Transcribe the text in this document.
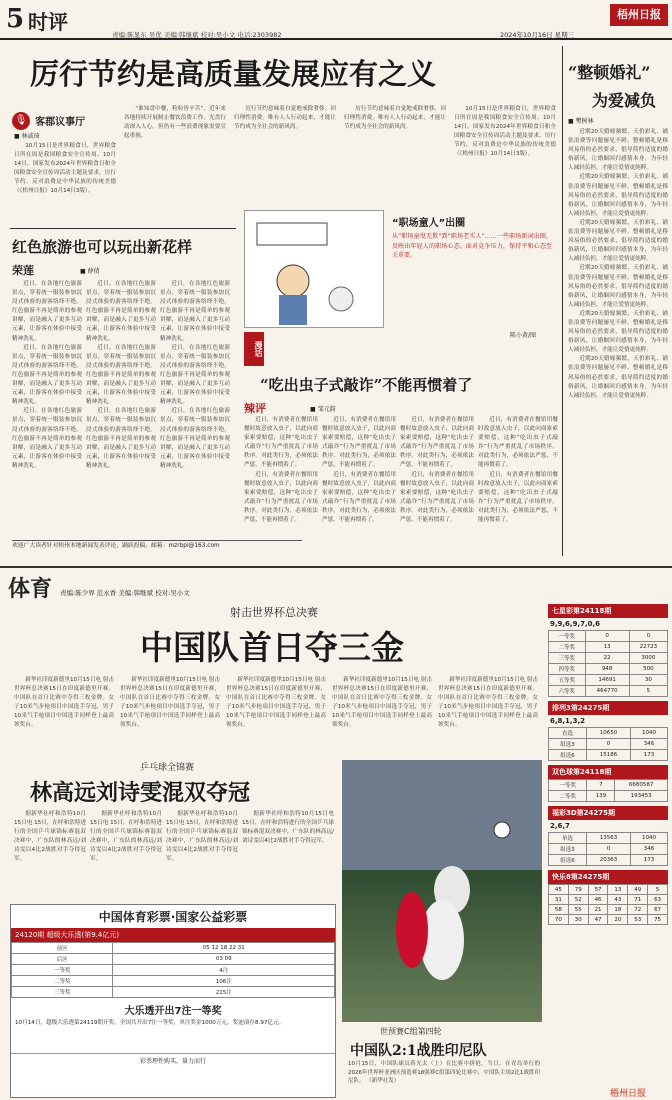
5 时评
责编:陈显东 吴优 美编:韩继斌 校对:吴小文 电话:2303982	2024年10月16日 星期三
梧州日报
厉行节约是高质量发展应有之义
🎙 客郡议事厅
■ 林戚琦

10月15日是世界粮食日，世界粮食日所在周是我国粮食安全宣传周。10月14日，国家发布2024年世界粮食日和全国粮食安全宣传周活动主题及要求。厉行节约、反对浪费是中华民族的传统美德（《梧州日报》10月14日3版）。

“谁知盘中餐，粒粒皆辛苦”。近年来各地持续开展制止餐饮浪费工作，光盘行动深入人心。但仍有一些浪费现象需要引起重视。

厉行节约意味着自觉地戒除奢侈，回归理性消费。唯有人人行动起来，才能让节约成为全社会的新风尚。

厉行节约意味着自觉地戒除奢侈，回归理性消费。唯有人人行动起来，才能让节约成为全社会的新风尚。

10月15日是世界粮食日，世界粮食日所在周是我国粮食安全宣传周。10月14日，国家发布2024年世界粮食日和全国粮食安全宣传周活动主题及要求。厉行节约、反对浪费是中华民族的传统美德（《梧州日报》10月14日3版）。

“整顿婚礼”
为爱减负
■ 樊树林

近期20天婚嫁频繁，天价彩礼、铺张浪费等问题屡见不鲜。整顿婚礼是移风易俗的必然要求，倡导简约适度的婚俗新风，让婚姻回归感情本身，为年轻人减轻负担，才能让爱情更纯粹。

近期20天婚嫁频繁，天价彩礼、铺张浪费等问题屡见不鲜。整顿婚礼是移风易俗的必然要求，倡导简约适度的婚俗新风，让婚姻回归感情本身，为年轻人减轻负担，才能让爱情更纯粹。

近期20天婚嫁频繁，天价彩礼、铺张浪费等问题屡见不鲜。整顿婚礼是移风易俗的必然要求，倡导简约适度的婚俗新风，让婚姻回归感情本身，为年轻人减轻负担，才能让爱情更纯粹。

近期20天婚嫁频繁，天价彩礼、铺张浪费等问题屡见不鲜。整顿婚礼是移风易俗的必然要求，倡导简约适度的婚俗新风，让婚姻回归感情本身，为年轻人减轻负担，才能让爱情更纯粹。

近期20天婚嫁频繁，天价彩礼、铺张浪费等问题屡见不鲜。整顿婚礼是移风易俗的必然要求，倡导简约适度的婚俗新风，让婚姻回归感情本身，为年轻人减轻负担，才能让爱情更纯粹。

近期20天婚嫁频繁，天价彩礼、铺张浪费等问题屡见不鲜。整顿婚礼是移风易俗的必然要求，倡导简约适度的婚俗新风，让婚姻回归感情本身，为年轻人减轻负担，才能让爱情更纯粹。

红色旅游也可以玩出新花样
荣莲	■ 薛倩

近日，在各地红色旅游景点，穿着统一服装参加沉浸式体验的游客络绎不绝。红色旅游不再是简单的参观讲解，而是融入了更多互动元素，让游客在体验中接受精神洗礼。

近日，在各地红色旅游景点，穿着统一服装参加沉浸式体验的游客络绎不绝。红色旅游不再是简单的参观讲解，而是融入了更多互动元素，让游客在体验中接受精神洗礼。

近日，在各地红色旅游景点，穿着统一服装参加沉浸式体验的游客络绎不绝。红色旅游不再是简单的参观讲解，而是融入了更多互动元素，让游客在体验中接受精神洗礼。

近日，在各地红色旅游景点，穿着统一服装参加沉浸式体验的游客络绎不绝。红色旅游不再是简单的参观讲解，而是融入了更多互动元素，让游客在体验中接受精神洗礼。

近日，在各地红色旅游景点，穿着统一服装参加沉浸式体验的游客络绎不绝。红色旅游不再是简单的参观讲解，而是融入了更多互动元素，让游客在体验中接受精神洗礼。

近日，在各地红色旅游景点，穿着统一服装参加沉浸式体验的游客络绎不绝。红色旅游不再是简单的参观讲解，而是融入了更多互动元素，让游客在体验中接受精神洗礼。

近日，在各地红色旅游景点，穿着统一服装参加沉浸式体验的游客络绎不绝。红色旅游不再是简单的参观讲解，而是融入了更多互动元素，让游客在体验中接受精神洗礼。

近日，在各地红色旅游景点，穿着统一服装参加沉浸式体验的游客络绎不绝。红色旅游不再是简单的参观讲解，而是融入了更多互动元素，让游客在体验中接受精神洗礼。

近日，在各地红色旅游景点，穿着统一服装参加沉浸式体验的游客络绎不绝。红色旅游不再是简单的参观讲解，而是融入了更多互动元素，让游客在体验中接受精神洗礼。

欢迎广大读者针对梧州本地新闻发表评论，踊跃投稿。邮箱：mzrbpl@163.com
漫话
“职场童人”出圈
从“职场童叟无欺”到“职场老实人”……一些职场新词出圈，反映出年轻人的职场心态。面对竞争压力，保持平和心态至关重要。
陈小黄/图
“吃出虫子式敲诈”不能再惯着了
辣评	■ 邹元韵

近日，有消费者在餐馆用餐时故意放入虫子，以此向商家索要赔偿，这种“吃出虫子式敲诈”行为严重扰乱了市场秩序。对此类行为，必须依法严惩，不能再惯着了。

近日，有消费者在餐馆用餐时故意放入虫子，以此向商家索要赔偿，这种“吃出虫子式敲诈”行为严重扰乱了市场秩序。对此类行为，必须依法严惩，不能再惯着了。

近日，有消费者在餐馆用餐时故意放入虫子，以此向商家索要赔偿，这种“吃出虫子式敲诈”行为严重扰乱了市场秩序。对此类行为，必须依法严惩，不能再惯着了。

近日，有消费者在餐馆用餐时故意放入虫子，以此向商家索要赔偿，这种“吃出虫子式敲诈”行为严重扰乱了市场秩序。对此类行为，必须依法严惩，不能再惯着了。

近日，有消费者在餐馆用餐时故意放入虫子，以此向商家索要赔偿，这种“吃出虫子式敲诈”行为严重扰乱了市场秩序。对此类行为，必须依法严惩，不能再惯着了。

近日，有消费者在餐馆用餐时故意放入虫子，以此向商家索要赔偿，这种“吃出虫子式敲诈”行为严重扰乱了市场秩序。对此类行为，必须依法严惩，不能再惯着了。

近日，有消费者在餐馆用餐时故意放入虫子，以此向商家索要赔偿，这种“吃出虫子式敲诈”行为严重扰乱了市场秩序。对此类行为，必须依法严惩，不能再惯着了。

近日，有消费者在餐馆用餐时故意放入虫子，以此向商家索要赔偿，这种“吃出虫子式敲诈”行为严重扰乱了市场秩序。对此类行为，必须依法严惩，不能再惯着了。

体育 责编:陈少界 范永香 美编:韩继斌 校对:吴小文
射击世界杯总决赛
中国队首日夺三金

新华社印度新德里10月15日电 射击世界杯总决赛15日在印度新德里开赛，中国队在首日比赛中夺得三枚金牌。女子10米气步枪项目中国选手夺冠，男子10米气手枪项目中国选手同样登上最高领奖台。

新华社印度新德里10月15日电 射击世界杯总决赛15日在印度新德里开赛，中国队在首日比赛中夺得三枚金牌。女子10米气步枪项目中国选手夺冠，男子10米气手枪项目中国选手同样登上最高领奖台。

新华社印度新德里10月15日电 射击世界杯总决赛15日在印度新德里开赛，中国队在首日比赛中夺得三枚金牌。女子10米气步枪项目中国选手夺冠，男子10米气手枪项目中国选手同样登上最高领奖台。

新华社印度新德里10月15日电 射击世界杯总决赛15日在印度新德里开赛，中国队在首日比赛中夺得三枚金牌。女子10米气步枪项目中国选手夺冠，男子10米气手枪项目中国选手同样登上最高领奖台。

新华社印度新德里10月15日电 射击世界杯总决赛15日在印度新德里开赛，中国队在首日比赛中夺得三枚金牌。女子10米气步枪项目中国选手夺冠，男子10米气手枪项目中国选手同样登上最高领奖台。

乒乓球全锦赛
林高远刘诗雯混双夺冠

据新华社呼和浩特10月15日电 15日，在呼和浩特进行的全国乒乓球锦标赛混双决赛中，广东队的林高远/刘诗雯以4比2战胜对手夺得冠军。

据新华社呼和浩特10月15日电 15日，在呼和浩特进行的全国乒乓球锦标赛混双决赛中，广东队的林高远/刘诗雯以4比2战胜对手夺得冠军。

据新华社呼和浩特10月15日电 15日，在呼和浩特进行的全国乒乓球锦标赛混双决赛中，广东队的林高远/刘诗雯以4比2战胜对手夺得冠军。

据新华社呼和浩特10月15日电 15日，在呼和浩特进行的全国乒乓球锦标赛混双决赛中，广东队的林高远/刘诗雯以4比2战胜对手夺得冠军。

世预赛C组第四轮
中国队2:1战胜印尼队
10月15日，中国队球员蒋光太（上）在比赛中拼抢。当日，在青岛举行的2026年世界杯亚洲区预选赛18强赛C组第四轮比赛中，中国队主场2比1战胜印尼队。 （新华社发）
中国体育彩票·国家公益彩票
24120期 超级大乐透(第9.4亿元)
前区	05 12 18 22 31
后区	03 09
一等奖	4注
二等奖	106注
三等奖	215注
大乐透开出7注一等奖
10月14日，超级大乐透第24119期开奖。全国共开出7注一等奖，单注奖金1000万元，奖池滚存8.97亿元。
彩票理性购买，量力而行
七星彩第24118期
9,9,6,9,7,0,6
一等奖	0	0
二等奖	13	22723
三等奖	22	3000
四等奖	948	500
五等奖	14691	30
六等奖	464770	5
排列3第24275期
6,8,1,3,2
直选	10650	1040
组选3	0	346
组选6	15186	173
双色球第24118期
一等奖	7	6680587
二等奖	139	193453
福彩3D第24275期
2,6,7
单选	13563	1040
组选3	0	346
组选6	20363	173
快乐8第24275期
45	79	57	13	49	5
31	52	46	43	71	63
58	55	21	18	72	67
70	30	47	20	53	75
梧州日报
